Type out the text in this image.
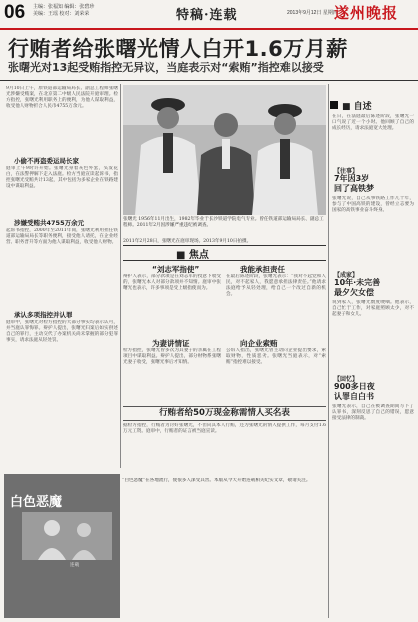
06 主编：张福知 编辑：张碧珍
美编：王瑶 校对：刘荣荣	特稿·连载	2013年9月12日 星期四
遂州晚报
行贿者给张曙光情人白开1.6万月薪
张曙光对13起受贿指控无异议，当庭表示对“索贿”指控难以接受
9月10日上午，原铁道部运输局局长、副总工程师张曙光涉嫌受贿案，在北京第二中级人民法院开庭审理。检方指控，张曙光利用职务上的便利，为他人谋取利益，收受他人财物折合人民币4755万余元。
小偷不再盗委运局长家
庭审上午9时许开始。张曙光身着灰色外套，头发花白，在法警押解下走入法庭。检方当庭宣读起诉书，指控张曙光受贿共计13起，其中包括为多家企业在铁路建设中谋取利益。
涉嫌受贿共4755万余元
起诉书指控，2000年至2011年间，张曙光利用担任铁道部运输局局长等职务便利，接受他人请托，在企业经营、职务晋升等方面为他人谋取利益，收受他人财物。
承认多项指控并认罪
庭审中，张曙光对检方指控的大部分事实均表示认可，并当庭认罪悔罪。辩护人提出，张曙光归案后如实供述自己的罪行，主动交代了办案机关尚未掌握的部分犯罪事实，请求法庭从轻处罚。
张曙光 1956年11月出生，1982年毕业于长沙铁道学院电气专业。曾任铁道部运输局局长、副总工程师。2011年2月因涉嫌严重违纪被调查。
2011年2月28日，张曙光在庭审现场。2013年9月10日拍摄。
■ 焦点
“刘志军指使”
辩护人表示，部分款项是在刘志军的授意下收受的，张曙光本人对部分款项并不知情。庭审中张曙光也表示，许多事项是受上级指使而为。
我能承担责任
在最后陈述阶段，张曙光表示：“我对不起党和人民，对不起家人，我愿意承担法律责任。”他请求法庭给予从轻处理，给自己一个改过自新的机会。
为妻讲情证
检方指控，张曙光曾多次为其妻子的亲属在工程项目中谋取利益。辩护人提出，部分财物系张曙光妻子收受，张曙光事后才知情。
向企业索贿
公诉人指出，张曙光曾主动向企业提出要求，索取财物，性质恶劣。张曙光当庭表示，对“索贿”指控难以接受。
行贿者给50万现金称需情人买名表
据检方指控，行贿者为讨好张曙光，不但向其本人行贿，还为张曙光的情人提供工作，每月支付1.6万元工资。庭审中，行贿者的证言被当庭宣读。
■ 自述
在日，在法庭最后陈述阶段，张曙光一口气说了近一个小时。他回顾了自己的成长经历，请求法庭宽大处理。
【往事】
7年因3岁
回了高铁梦
张曙光说，自己从事铁路工作几十年，参与了中国高铁的建设，曾经立志要为国家的高铁事业奋斗终身。
【成家】
10年·未完善
最夕欠女偿
说到家人，张曙光数度哽咽。他表示，自己忙于工作，对家庭照顾太少，对不起妻子和女儿。
【回忆】
900多日夜
认罪自白书
张曙光表示，自己在被调查期间写下了认罪书，深刻反思了自己的错误，愿意接受法律的制裁。
白色恶魔
连载
“白色恶魔”在各地流行，使很多人深受其害。本版从今天开始连载相关纪实文章，敬请关注。
